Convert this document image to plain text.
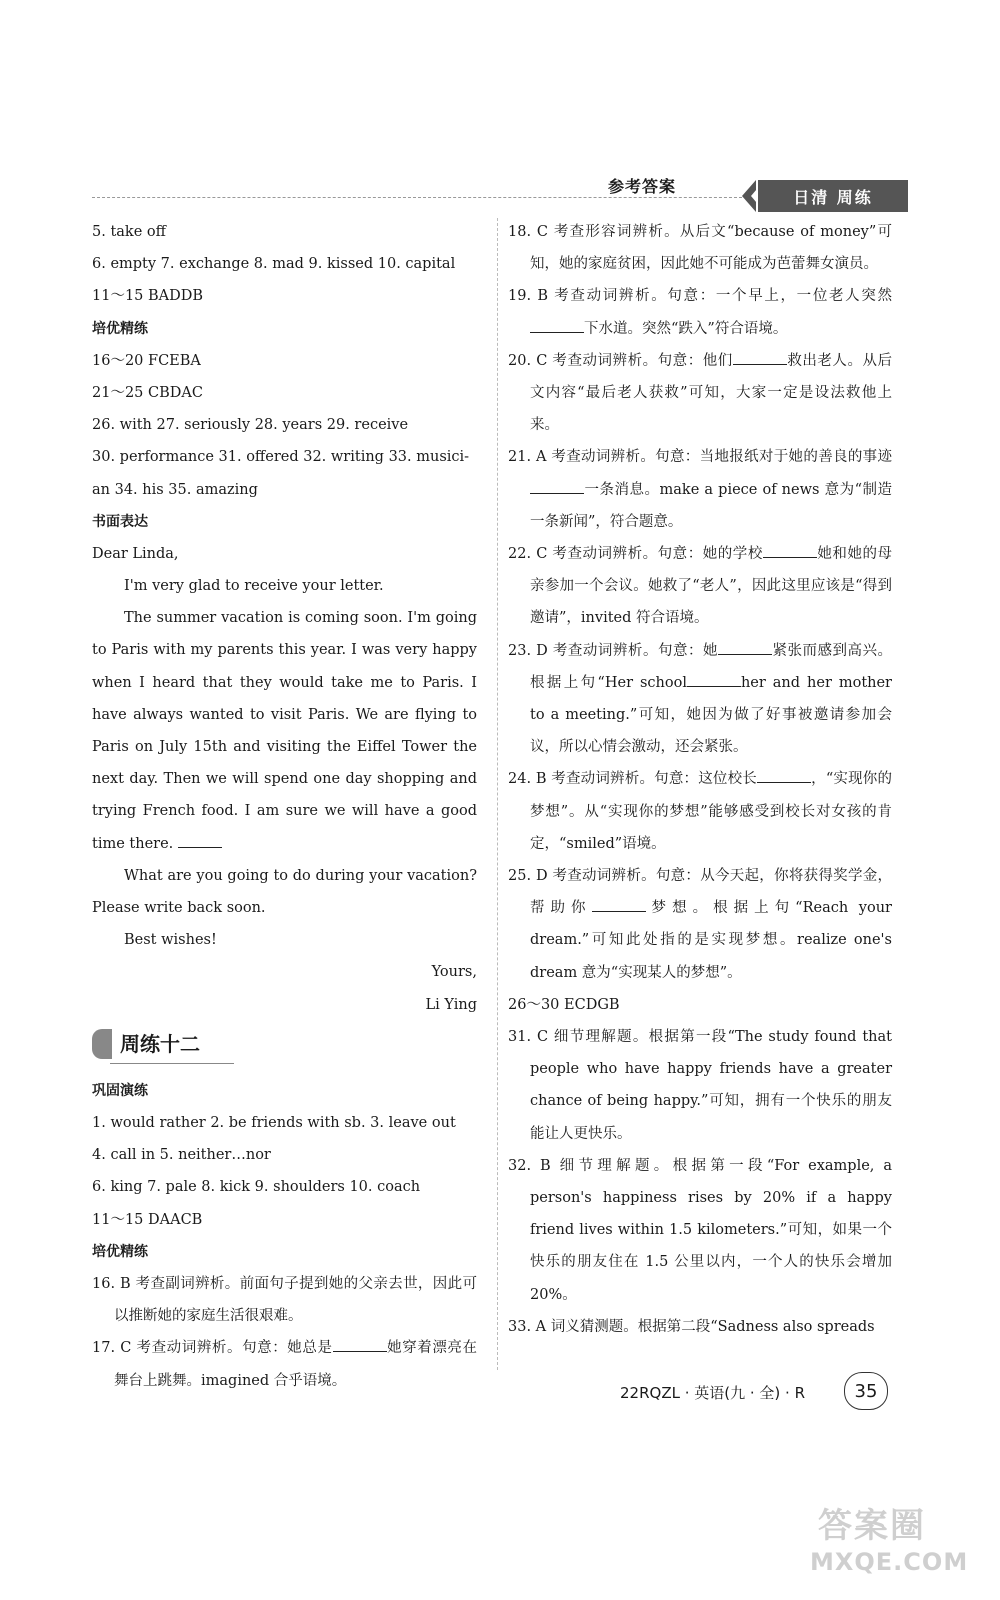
参考答案
日清 周练
5. take off
6. empty 7. exchange 8. mad 9. kissed 10. capital
11～15 BADDB
培优精练
16～20 FCEBA
21～25 CBDAC
26. with 27. seriously 28. years 29. receive
30. performance 31. offered 32. writing 33. musici-
an 34. his 35. amazing
书面表达
Dear Linda,
I'm very glad to receive your letter.
The summer vacation is coming soon. I'm going to Paris with my parents this year. I was very happy when I heard that they would take me to Paris. I have always wanted to visit Paris. We are flying to Paris on July 15th and visiting the Eiffel Tower the next day. Then we will spend one day shopping and trying French food. I am sure we will have a good time there.
What are you going to do during your vacation? Please write back soon.
Best wishes!
Yours,
Li Ying
周练十二
巩固演练
1. would rather 2. be friends with sb. 3. leave out
4. call in 5. neither…nor
6. king 7. pale 8. kick 9. shoulders 10. coach
11～15 DAACB
培优精练
16. B 考查副词辨析。前面句子提到她的父亲去世，因此可以推断她的家庭生活很艰难。
17. C 考查动词辨析。句意：她总是	她穿着漂亮在舞台上跳舞。imagined 合乎语境。
18. C 考查形容词辨析。从后文“because of money”可知，她的家庭贫困，因此她不可能成为芭蕾舞女演员。
19. B 考查动词辨析。句意：一个早上，一位老人突然下水道。突然“跌入”符合语境。
20. C 考查动词辨析。句意：他们	救出老人。从后文内容“最后老人获救”可知，大家一定是设法救他上来。
21. A 考查动词辨析。句意：当地报纸对于她的善良的事迹一条消息。make a piece of news 意为“制造一条新闻”，符合题意。
22. C 考查动词辨析。句意：她的学校	她和她的母亲参加一个会议。她救了“老人”，因此这里应该是“得到邀请”，invited 符合语境。
23. D 考查动词辨析。句意：她	紧张而感到高兴。根据上句“Her school	her and her mother to a meeting.”可知，她因为做了好事被邀请参加会议，所以心情会激动，还会紧张。
24. B 考查动词辨析。句意：这位校长	，“实现你的梦想”。从“实现你的梦想”能够感受到校长对女孩的肯定，“smiled”语境。
25. D 考查动词辨析。句意：从今天起，你将获得奖学金，帮助你	梦想。根据上句“Reach your dream.”可知此处指的是实现梦想。realize one's dream 意为“实现某人的梦想”。
26～30 ECDGB
31. C 细节理解题。根据第一段“The study found that people who have happy friends have a greater chance of being happy.”可知，拥有一个快乐的朋友能让人更快乐。
32. B 细节理解题。根据第一段“For example, a person's happiness rises by 20% if a happy friend lives within 1.5 kilometers.”可知，如果一个快乐的朋友住在 1.5 公里以内，一个人的快乐会增加 20%。
33. A 词义猜测题。根据第二段“Sadness also spreads
22RQZL · 英语(九 · 全) · R	35
答案圈
MXQE.COM
